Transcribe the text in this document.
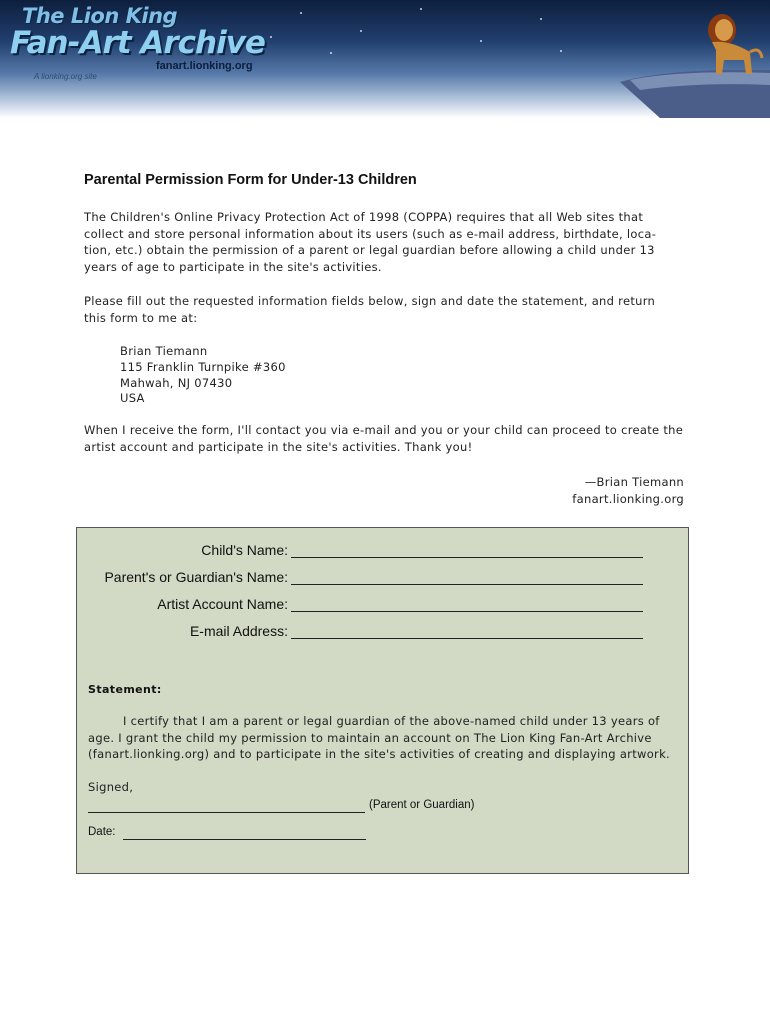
The Lion King
Fan-Art Archive
fanart.lionking.org
A lionking.org site
Parental Permission Form for Under-13 Children
The Children's Online Privacy Protection Act of 1998 (COPPA) requires that all Web sites that collect and store personal information about its users (such as e-mail address, birthdate, loca-tion, etc.) obtain the permission of a parent or legal guardian before allowing a child under 13 years of age to participate in the site's activities.
Please fill out the requested information fields below, sign and date the statement, and return this form to me at:
Brian Tiemann
115 Franklin Turnpike #360
Mahwah, NJ 07430
USA
When I receive the form, I'll contact you via e-mail and you or your child can proceed to create the artist account and participate in the site's activities. Thank you!
—Brian Tiemann
fanart.lionking.org
Child's Name:
Parent's or Guardian's Name:
Artist Account Name:
E-mail Address:
Statement:
I certify that I am a parent or legal guardian of the above-named child under 13 years of age. I grant the child my permission to maintain an account on The Lion King Fan-Art Archive (fanart.lionking.org) and to participate in the site's activities of creating and displaying artwork.
Signed,
(Parent or Guardian)
Date:
